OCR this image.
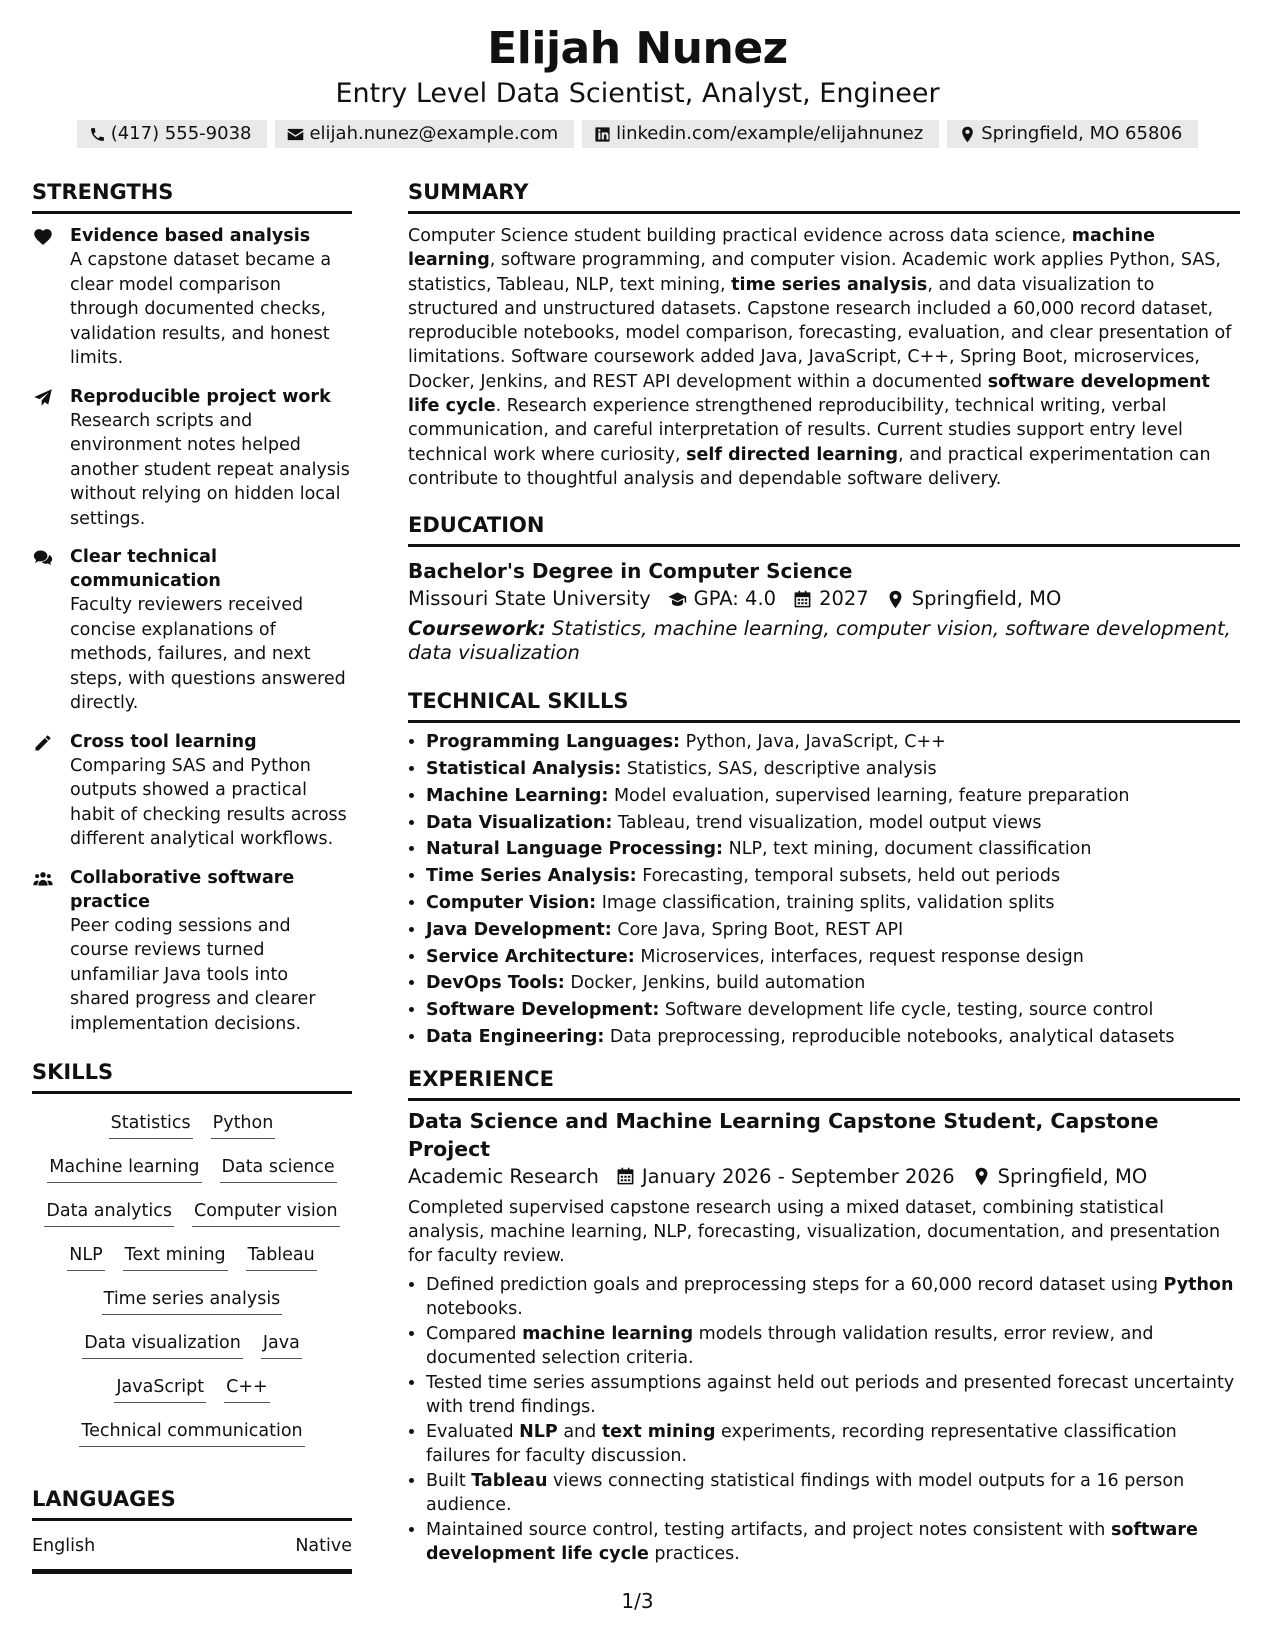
Elijah Nunez
Entry Level Data Scientist, Analyst, Engineer
(417) 555-9038	elijah.nunez@example.com	linkedin.com/example/elijahnunez	Springfield, MO 65806
STRENGTHS
Evidence based analysis
A capstone dataset became a clear model comparison through documented checks, validation results, and honest limits.
Reproducible project work
Research scripts and environment notes helped another student repeat analysis without relying on hidden local settings.
Clear technical communication
Faculty reviewers received concise explanations of methods, failures, and next steps, with questions answered directly.
Cross tool learning
Comparing SAS and Python outputs showed a practical habit of checking results across different analytical workflows.
Collaborative software practice
Peer coding sessions and course reviews turned unfamiliar Java tools into shared progress and clearer implementation decisions.
SKILLS
Statistics Python
Machine learning Data science
Data analytics Computer vision
NLP Text mining Tableau
Time series analysis
Data visualization Java
JavaScript C++
Technical communication
LANGUAGES
English	Native
SUMMARY

Computer Science student building practical evidence across data science, machine learning, software programming, and computer vision. Academic work applies Python, SAS, statistics, Tableau, NLP, text mining, time series analysis, and data visualization to structured and unstructured datasets. Capstone research included a 60,000 record dataset, reproducible notebooks, model comparison, forecasting, evaluation, and clear presentation of limitations. Software coursework added Java, JavaScript, C++, Spring Boot, microservices, Docker, Jenkins, and REST API development within a documented software development life cycle. Research experience strengthened reproducibility, technical writing, verbal communication, and careful interpretation of results. Current studies support entry level technical work where curiosity, self directed learning, and practical experimentation can contribute to thoughtful analysis and dependable software delivery.

EDUCATION
Bachelor's Degree in Computer Science
Missouri State University GPA: 4.0 2027 Springfield, MO

Coursework: Statistics, machine learning, computer vision, software development, data visualization

TECHNICAL SKILLS
• Programming Languages: Python, Java, JavaScript, C++
• Statistical Analysis: Statistics, SAS, descriptive analysis
• Machine Learning: Model evaluation, supervised learning, feature preparation
• Data Visualization: Tableau, trend visualization, model output views
• Natural Language Processing: NLP, text mining, document classification
• Time Series Analysis: Forecasting, temporal subsets, held out periods
• Computer Vision: Image classification, training splits, validation splits
• Java Development: Core Java, Spring Boot, REST API
• Service Architecture: Microservices, interfaces, request response design
• DevOps Tools: Docker, Jenkins, build automation
• Software Development: Software development life cycle, testing, source control
• Data Engineering: Data preprocessing, reproducible notebooks, analytical datasets
EXPERIENCE
Data Science and Machine Learning Capstone Student, Capstone Project
Academic Research January 2026 - September 2026 Springfield, MO

Completed supervised capstone research using a mixed dataset, combining statistical analysis, machine learning, NLP, forecasting, visualization, documentation, and presentation for faculty review.

• Defined prediction goals and preprocessing steps for a 60,000 record dataset using Python notebooks.
• Compared machine learning models through validation results, error review, and documented selection criteria.
• Tested time series assumptions against held out periods and presented forecast uncertainty with trend findings.
• Evaluated NLP and text mining experiments, recording representative classification failures for faculty discussion.
• Built Tableau views connecting statistical findings with model outputs for a 16 person audience.
• Maintained source control, testing artifacts, and project notes consistent with software development life cycle practices.
1/3
